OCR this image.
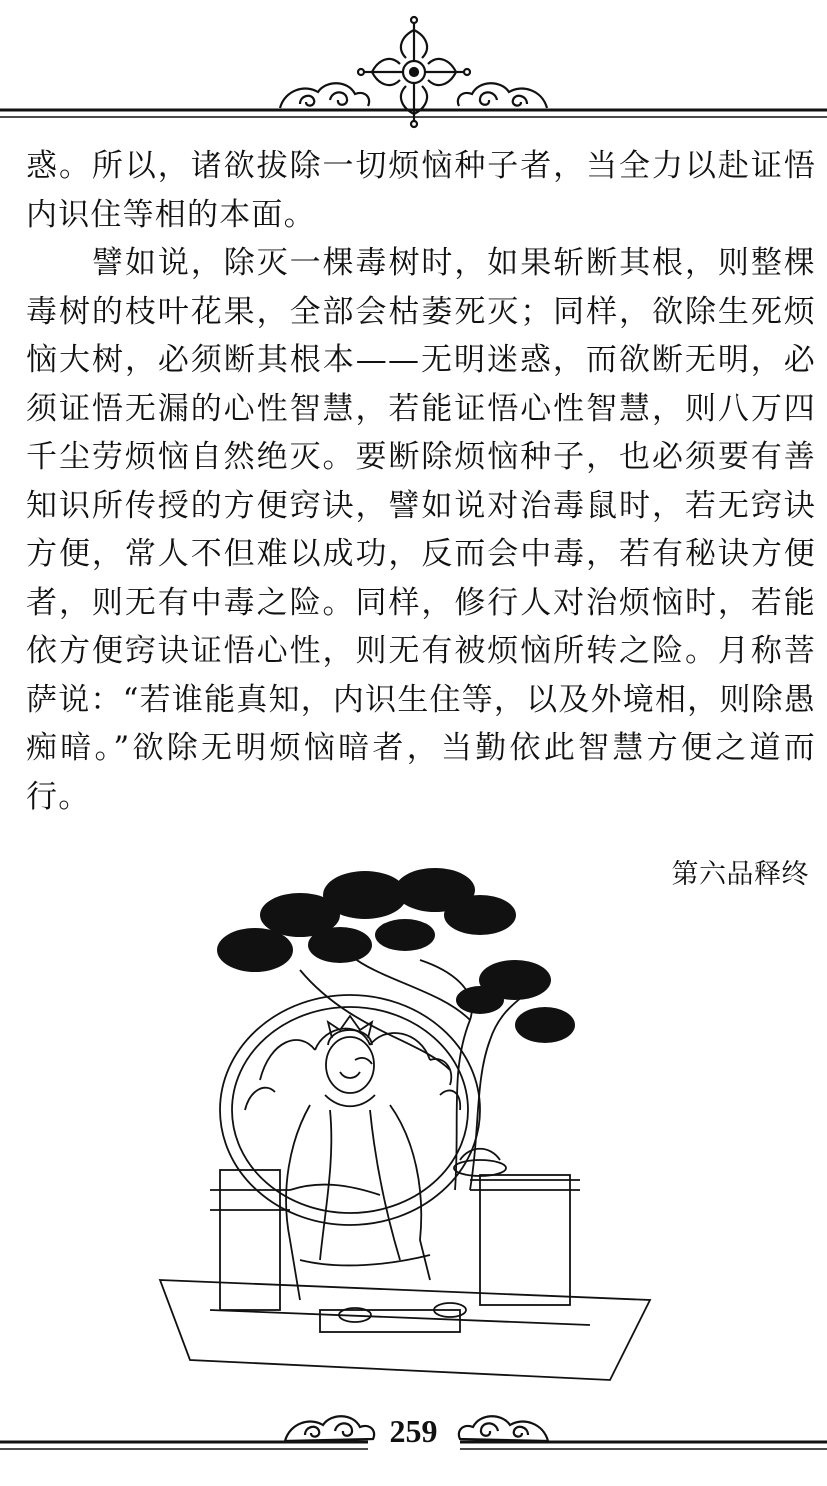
惑。所以，诸欲拔除一切烦恼种子者，当全力以赴证悟内识住等相的本面。

譬如说，除灭一棵毒树时，如果斩断其根，则整棵毒树的枝叶花果，全部会枯萎死灭；同样，欲除生死烦恼大树，必须断其根本——无明迷惑，而欲断无明，必须证悟无漏的心性智慧，若能证悟心性智慧，则八万四千尘劳烦恼自然绝灭。要断除烦恼种子，也必须要有善知识所传授的方便窍诀，譬如说对治毒鼠时，若无窍诀方便，常人不但难以成功，反而会中毒，若有秘诀方便者，则无有中毒之险。同样，修行人对治烦恼时，若能依方便窍诀证悟心性，则无有被烦恼所转之险。月称菩萨说：“若谁能真知，内识生住等，以及外境相，则除愚痴暗。”欲除无明烦恼暗者，当勤依此智慧方便之道而行。

第六品释终
259
